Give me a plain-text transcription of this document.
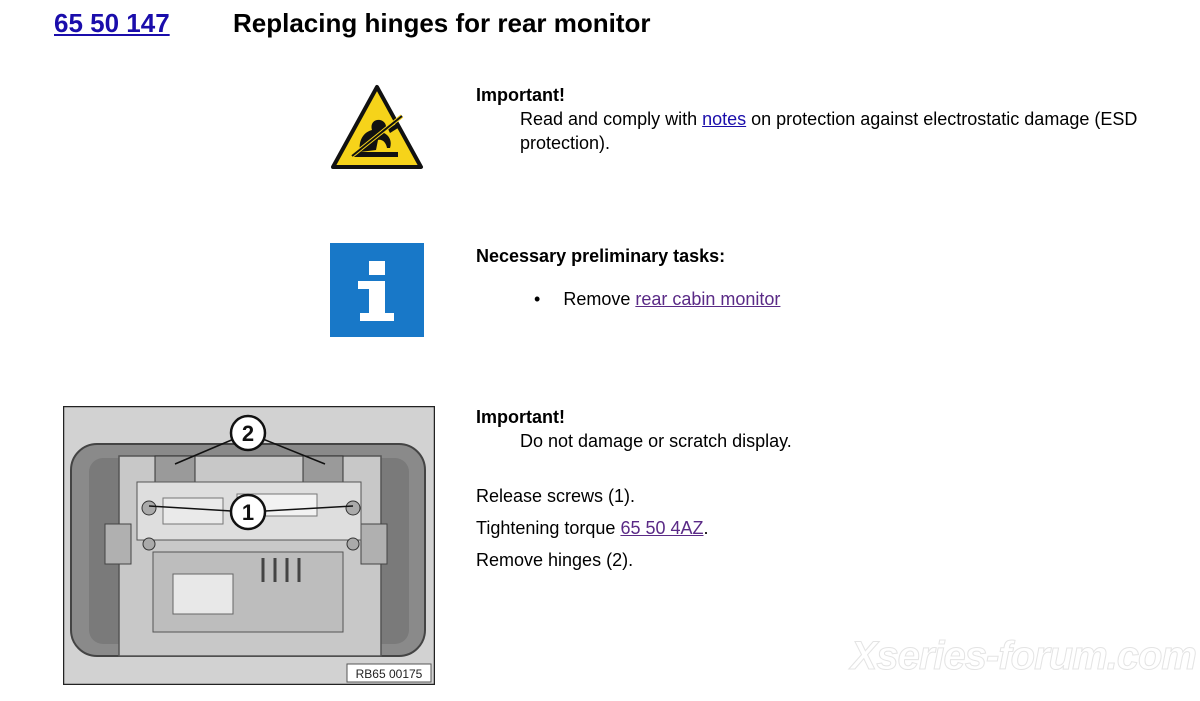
65 50 147 Replacing hinges for rear monitor
Important!
Read and comply with notes on protection against electrostatic damage (ESD protection).
Necessary preliminary tasks:
• Remove rear cabin monitor
2
1
RB65 00175
Important!
Do not damage or scratch display.
Release screws (1).
Tightening torque 65 50 4AZ.
Remove hinges (2).
Xseries-forum.com
